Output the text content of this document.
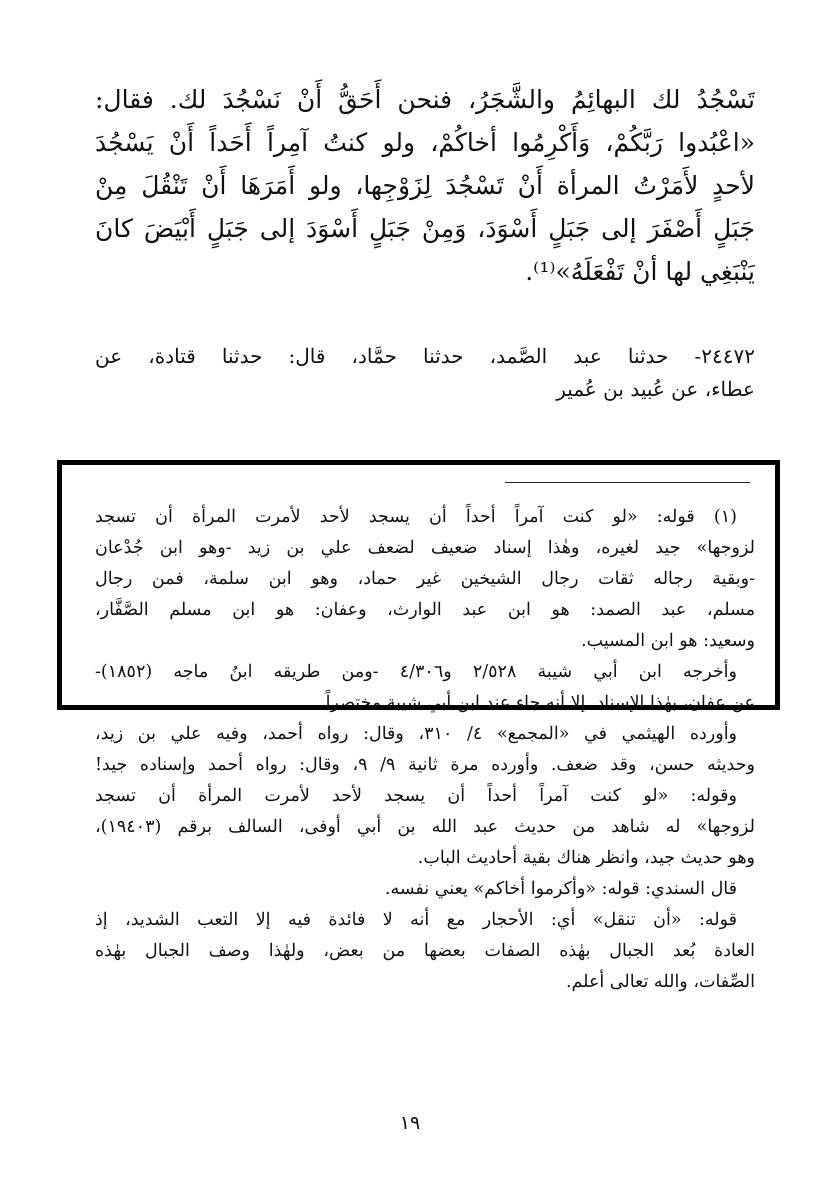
تَسْجُدُ لك البهائِمُ والشَّجَرُ، فنحن أَحَقُّ أَنْ نَسْجُدَ لك. فقال:
«اعْبُدوا رَبَّكُمْ، وَأَكْرِمُوا أخاكُمْ، ولو كنتُ آمِراً أَحَداً أَنْ يَسْجُدَ
لأحدٍ لأَمَرْتُ المرأة أَنْ تَسْجُدَ لِزَوْجِها، ولو أَمَرَهَا أَنْ تَنْقُلَ مِنْ
جَبَلٍ أَصْفَرَ إلى جَبَلٍ أَسْوَدَ، وَمِنْ جَبَلٍ أَسْوَدَ إلى جَبَلٍ أَبْيَضَ كانَ
يَنْبَغِي لها أنْ تَفْعَلَهُ»⁽¹⁾.
٢٤٤٧٢- حدثنا عبد الصَّمد، حدثنا حمَّاد، قال: حدثنا قتادة، عن
عطاء، عن عُبيد بن عُمير
(١) قوله: «لو كنت آمراً أحداً أن يسجد لأحد لأمرت المرأة أن تسجد
لزوجها» جيد لغيره، وهٰذا إسناد ضعيف لضعف علي بن زيد -وهو ابن جُدْعان
-وبقية رجاله ثقات رجال الشيخين غير حماد، وهو ابن سلمة، فمن رجال
مسلم، عبد الصمد: هو ابن عبد الوارث، وعفان: هو ابن مسلم الصَّفَّار،
وسعيد: هو ابن المسيب.
وأخرجه ابن أبي شيبة ٢/٥٢٨ و٤/٣٠٦ -ومن طريقه ابنُ ماجه (١٨٥٢)-
عن عفان، بهٰذا الإسناد. إلا أنه جاء عند ابن أبي شيبة مختصراً.
وأورده الهيثمي في «المجمع» ٤/ ٣١٠، وقال: رواه أحمد، وفيه علي بن زيد،
وحديثه حسن، وقد ضعف. وأورده مرة ثانية ٩/ ٩، وقال: رواه أحمد وإسناده جيد!
وقوله: «لو كنت آمراً أحداً أن يسجد لأحد لأمرت المرأة أن تسجد
لزوجها» له شاهد من حديث عبد الله بن أبي أوفى، السالف برقم (١٩٤٠٣)،
وهو حديث جيد، وانظر هناك بقية أحاديث الباب.
قال السندي: قوله: «وأكرموا أخاكم» يعني نفسه.
قوله: «أن تنقل» أي: الأحجار مع أنه لا فائدة فيه إلا التعب الشديد، إذ
العادة بُعد الجبال بهٰذه الصفات بعضها من بعض، ولهٰذا وصف الجبال بهٰذه
الصِّفات، والله تعالى أعلم.
١٩
